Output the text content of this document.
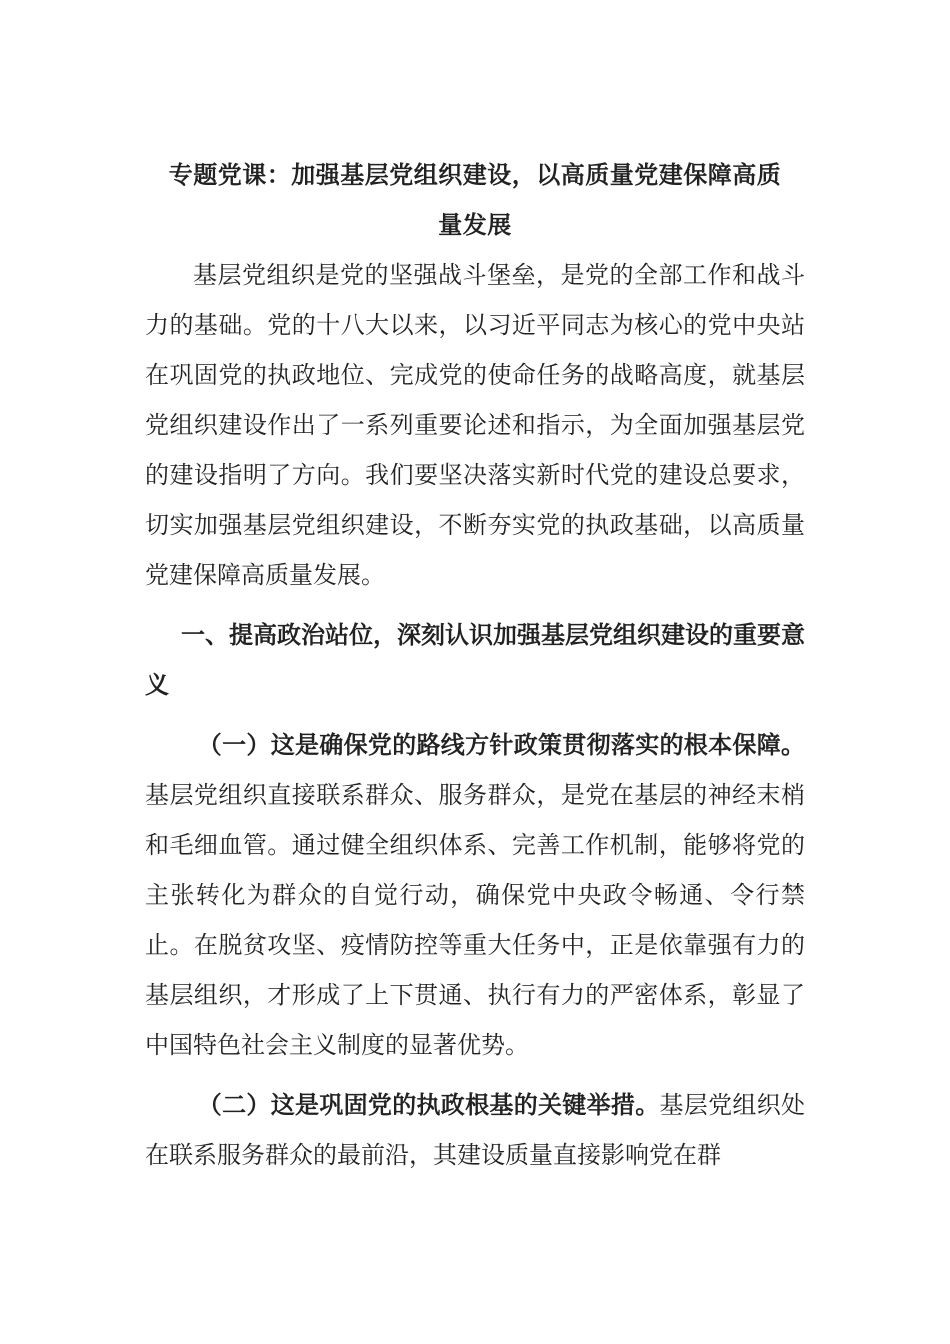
专题党课：加强基层党组织建设，以高质量党建保障高质
量发展

基层党组织是党的坚强战斗堡垒，是党的全部工作和战斗力的基础。党的十八大以来，以习近平同志为核心的党中央站在巩固党的执政地位、完成党的使命任务的战略高度，就基层党组织建设作出了一系列重要论述和指示，为全面加强基层党的建设指明了方向。我们要坚决落实新时代党的建设总要求，切实加强基层党组织建设，不断夯实党的执政基础，以高质量党建保障高质量发展。

一、提高政治站位，深刻认识加强基层党组织建设的重要意义

（一）这是确保党的路线方针政策贯彻落实的根本保障。基层党组织直接联系群众、服务群众，是党在基层的神经末梢和毛细血管。通过健全组织体系、完善工作机制，能够将党的主张转化为群众的自觉行动，确保党中央政令畅通、令行禁止。在脱贫攻坚、疫情防控等重大任务中，正是依靠强有力的基层组织，才形成了上下贯通、执行有力的严密体系，彰显了中国特色社会主义制度的显著优势。

（二）这是巩固党的执政根基的关键举措。基层党组织处在联系服务群众的最前沿，其建设质量直接影响党在群
